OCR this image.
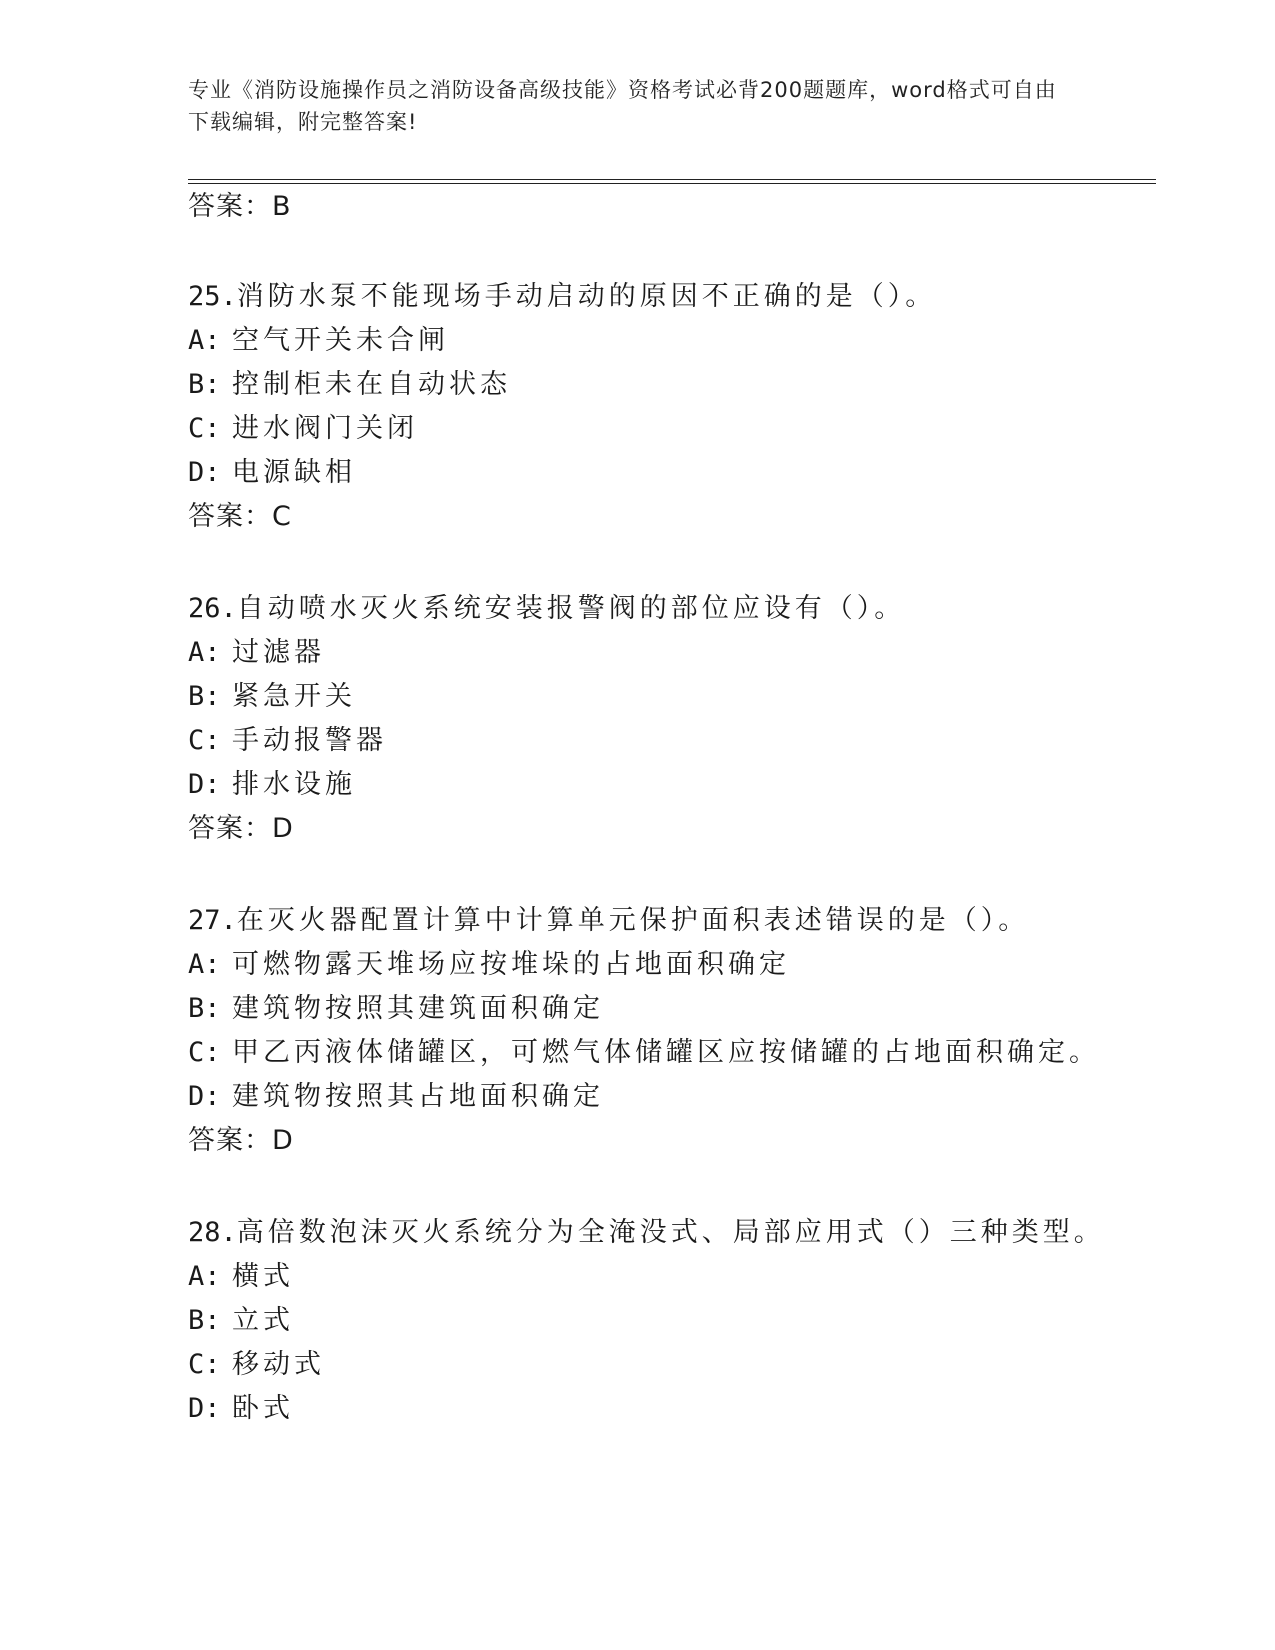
专业《消防设施操作员之消防设备高级技能》资格考试必背200题题库，word格式可自由下载编辑，附完整答案!
答案：B
25.消防水泵不能现场手动启动的原因不正确的是（）。
A: 空气开关未合闸
B: 控制柜未在自动状态
C: 进水阀门关闭
D: 电源缺相
答案：C
26.自动喷水灭火系统安装报警阀的部位应设有（）。
A: 过滤器
B: 紧急开关
C: 手动报警器
D: 排水设施
答案：D
27.在灭火器配置计算中计算单元保护面积表述错误的是（）。
A: 可燃物露天堆场应按堆垛的占地面积确定
B: 建筑物按照其建筑面积确定
C: 甲乙丙液体储罐区，可燃气体储罐区应按储罐的占地面积确定。
D: 建筑物按照其占地面积确定
答案：D
28.高倍数泡沫灭火系统分为全淹没式、局部应用式（）三种类型。
A: 横式
B: 立式
C: 移动式
D: 卧式
